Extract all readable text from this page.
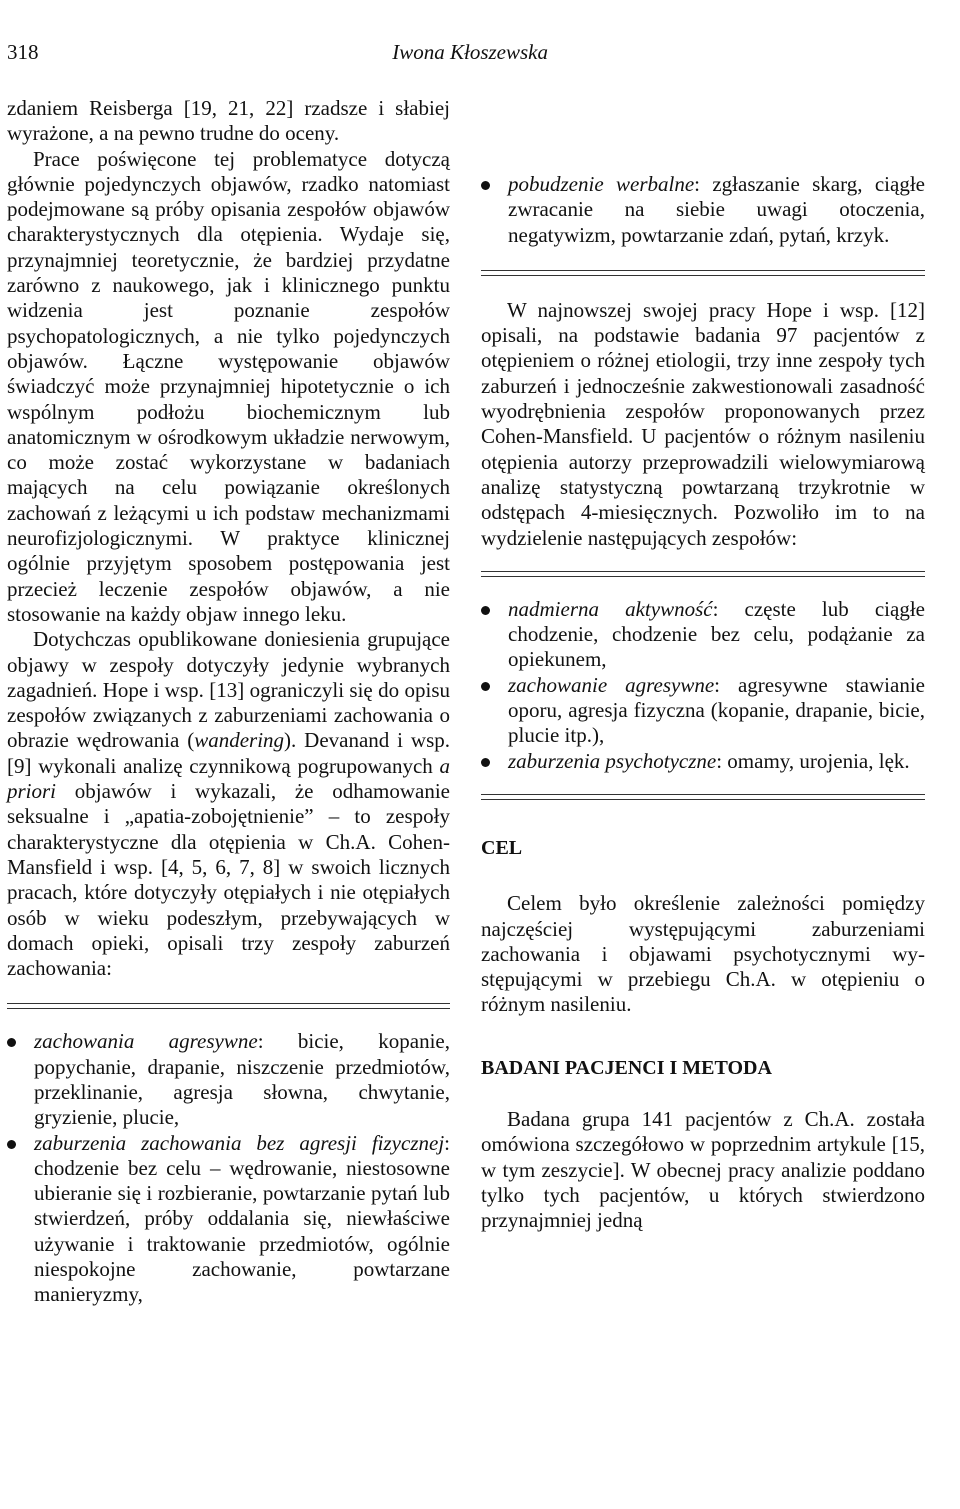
318	Iwona Kłoszewska

zdaniem Reisberga [19, 21, 22] rzadsze i słabiej wyrażone, a na pewno trudne do oceny.

Prace poświęcone tej problematyce dotyczą głównie pojedynczych objawów, rzadko natomiast podejmowane są próby opisania zespołów objawów charakterystycznych dla otępienia. Wydaje się, przynajmniej teoretycznie, że bardziej przydatne zarówno z naukowego, jak i klinicznego punktu widzenia jest poznanie zespołów psychopatologicznych, a nie tylko pojedynczych objawów. Łączne występowanie objawów świadczyć może przynajmniej hipotetycznie o ich wspólnym podłożu biochemicznym lub anatomicznym w ośrodkowym układzie nerwowym, co może zostać wykorzystane w badaniach mających na celu powiązanie określonych zachowań z leżącymi u ich podstaw mechanizmami neurofizjologicznymi. W praktyce klinicznej ogólnie przyjętym sposobem postępowania jest przecież leczenie zespołów objawów, a nie stosowanie na każdy objaw innego leku.

Dotychczas opublikowane doniesienia grupujące objawy w zespoły dotyczyły jedynie wybranych zagadnień. Hope i wsp. [13] ograniczyli się do opisu zespołów związanych z zaburzeniami zachowania o obrazie wędrowania (wandering). Devanand i wsp. [9] wykonali analizę czynnikową pogrupowanych a priori objawów i wykazali, że odhamowanie seksualne i „apatia-zobojętnienie” – to zespoły charakterystyczne dla otępienia w Ch.A. Cohen-Mansfield i wsp. [4, 5, 6, 7, 8] w swoich licznych pracach, które dotyczyły otępiałych i nie otępiałych osób w wieku podeszłym, przebywających w domach opieki, opisali trzy zespoły zaburzeń zachowania:

zachowania agresywne: bicie, kopanie, popychanie, drapanie, niszczenie przedmiotów, przeklinanie, agresja słowna, chwytanie, gryzienie, plucie,
zaburzenia zachowania bez agresji fizycznej: chodzenie bez celu – wędrowanie, niestosowne ubieranie się i rozbieranie, powtarzanie pytań lub stwierdzeń, próby oddalania się, niewłaściwe używanie i traktowanie przedmiotów, ogólnie niespokojne zachowanie, powtarzane manieryzmy,
pobudzenie werbalne: zgłaszanie skarg, ciągłe zwracanie na siebie uwagi otoczenia, negatywizm, powtarzanie zdań, pytań, krzyk.

W najnowszej swojej pracy Hope i wsp. [12] opisali, na podstawie badania 97 pacjentów z otępieniem o różnej etiologii, trzy inne zespoły tych zaburzeń i jednocześnie zakwestionowali zasadność wyodrębnienia zespołów proponowanych przez Cohen-Mansfield. U pacjentów o różnym nasileniu otępienia autorzy przeprowadzili wielowymiarową analizę statystyczną powtarzaną trzykrotnie w odstępach 4-miesięcznych. Pozwoliło im to na wydzielenie następujących zespołów:

nadmierna aktywność: częste lub ciągłe chodzenie, chodzenie bez celu, podążanie za opiekunem,
zachowanie agresywne: agresywne stawianie oporu, agresja fizyczna (kopanie, drapanie, bicie, plucie itp.),
zaburzenia psychotyczne: omamy, urojenia, lęk.
CEL

Celem było określenie zależności pomiędzy najczęściej występującymi zaburzeniami zachowania i objawami psychotycznymi występującymi w przebiegu Ch.A. w otępieniu o różnym nasileniu.

BADANI PACJENCI I METODA

Badana grupa 141 pacjentów z Ch.A. została omówiona szczegółowo w poprzednim artykule [15, w tym zeszycie]. W obecnej pracy analizie poddano tylko tych pacjentów, u których stwierdzono przynajmniej jedną
